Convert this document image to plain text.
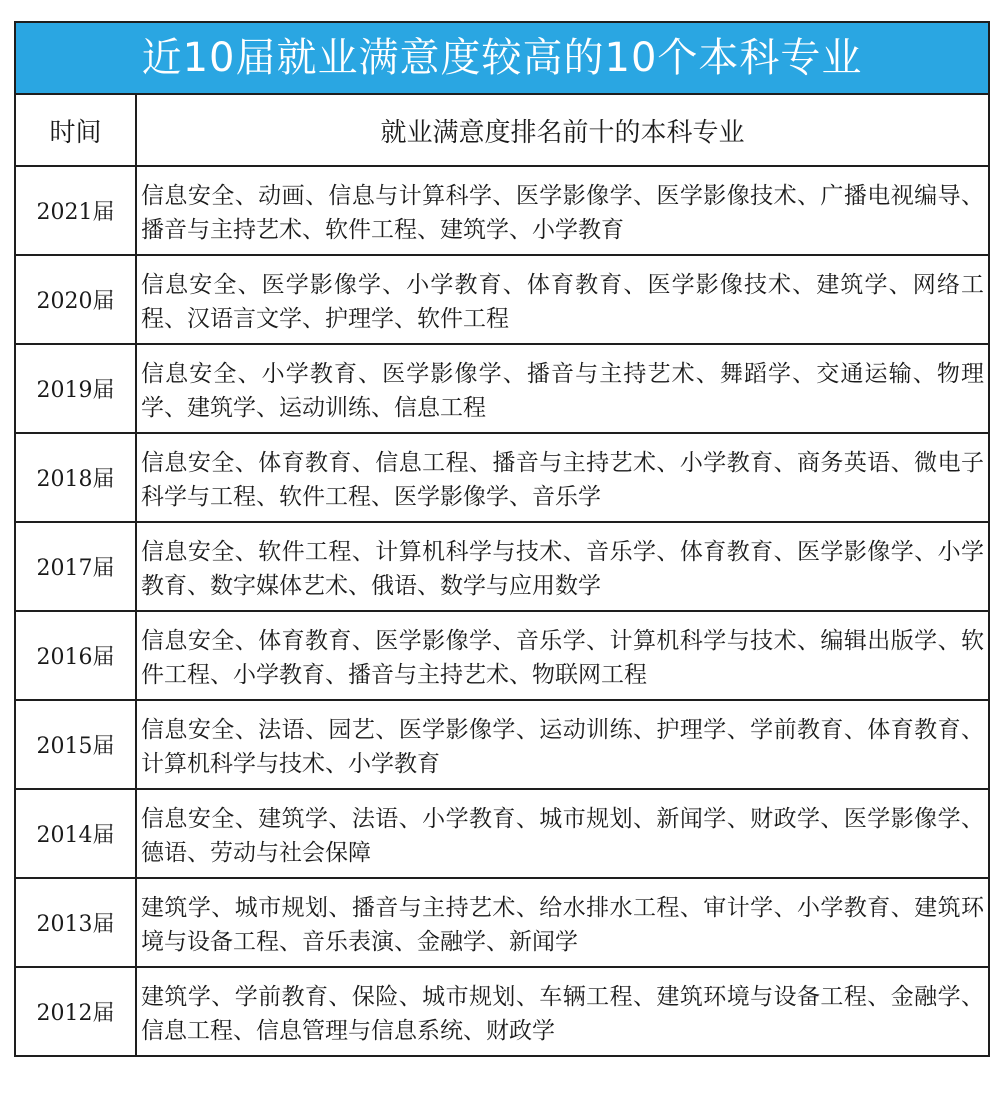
近10届就业满意度较高的10个本科专业
时间	就业满意度排名前十的本科专业
2021届	信息安全、动画、信息与计算科学、医学影像学、医学影像技术、广播电视编导、播音与主持艺术、软件工程、建筑学、小学教育
2020届	信息安全、医学影像学、小学教育、体育教育、医学影像技术、建筑学、网络工程、汉语言文学、护理学、软件工程
2019届	信息安全、小学教育、医学影像学、播音与主持艺术、舞蹈学、交通运输、物理学、建筑学、运动训练、信息工程
2018届	信息安全、体育教育、信息工程、播音与主持艺术、小学教育、商务英语、微电子科学与工程、软件工程、医学影像学、音乐学
2017届	信息安全、软件工程、计算机科学与技术、音乐学、体育教育、医学影像学、小学教育、数字媒体艺术、俄语、数学与应用数学
2016届	信息安全、体育教育、医学影像学、音乐学、计算机科学与技术、编辑出版学、软件工程、小学教育、播音与主持艺术、物联网工程
2015届	信息安全、法语、园艺、医学影像学、运动训练、护理学、学前教育、体育教育、计算机科学与技术、小学教育
2014届	信息安全、建筑学、法语、小学教育、城市规划、新闻学、财政学、医学影像学、德语、劳动与社会保障
2013届	建筑学、城市规划、播音与主持艺术、给水排水工程、审计学、小学教育、建筑环境与设备工程、音乐表演、金融学、新闻学
2012届	建筑学、学前教育、保险、城市规划、车辆工程、建筑环境与设备工程、金融学、信息工程、信息管理与信息系统、财政学
